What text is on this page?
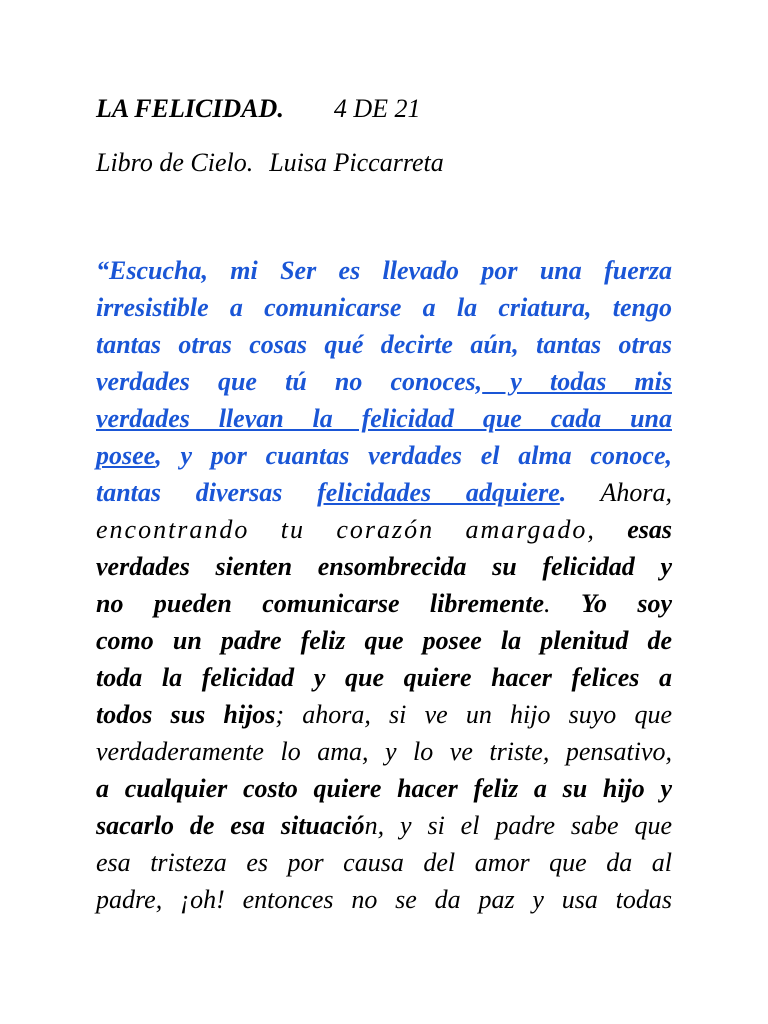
LA FELICIDAD. 4 DE 21
Libro de Cielo. Luisa Piccarreta
“Escucha, mi Ser es llevado por una fuerza
irresistible a comunicarse a la criatura, tengo
tantas otras cosas qué decirte aún, tantas otras
verdades que tú no conoces, y todas mis
verdades llevan la felicidad que cada una
posee, y por cuantas verdades el alma conoce,
tantas diversas felicidades adquiere. Ahora,
encontrando tu corazón amargado, esas
verdades sienten ensombrecida su felicidad y
no pueden comunicarse libremente. Yo soy
como un padre feliz que posee la plenitud de
toda la felicidad y que quiere hacer felices a
todos sus hijos; ahora, si ve un hijo suyo que
verdaderamente lo ama, y lo ve triste, pensativo,
a cualquier costo quiere hacer feliz a su hijo y
sacarlo de esa situación, y si el padre sabe que
esa tristeza es por causa del amor que da al
padre, ¡oh! entonces no se da paz y usa todas
